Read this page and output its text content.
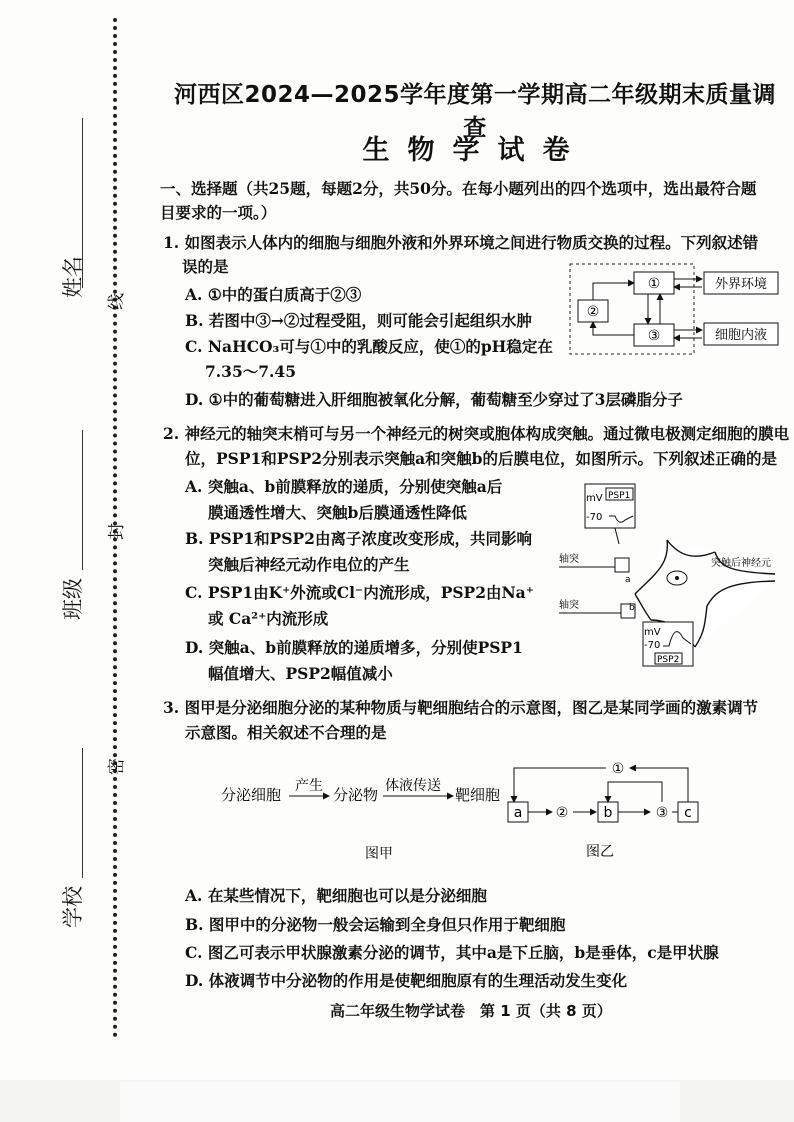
姓名
线
班级
封
密
学校
河西区2024—2025学年度第一学期高二年级期末质量调查
生物学试卷
一、选择题（共25题，每题2分，共50分。在每小题列出的四个选项中，选出最符合题
目要求的一项。）
1. 如图表示人体内的细胞与细胞外液和外界环境之间进行物质交换的过程。下列叙述错
误的是
A. ①中的蛋白质高于②③
B. 若图中③→②过程受阻，则可能会引起组织水肿
C. NaHCO₃可与①中的乳酸反应，使①的pH稳定在
7.35～7.45
D. ①中的葡萄糖进入肝细胞被氧化分解，葡萄糖至少穿过了3层磷脂分子
①
②
③
外界环境
细胞内液
2. 神经元的轴突末梢可与另一个神经元的树突或胞体构成突触。通过微电极测定细胞的膜电
位，PSP1和PSP2分别表示突触a和突触b的后膜电位，如图所示。下列叙述正确的是
A. 突触a、b前膜释放的递质，分别使突触a后
膜通透性增大、突触b后膜通透性降低
B. PSP1和PSP2由离子浓度改变形成，共同影响
突触后神经元动作电位的产生
C. PSP1由K⁺外流或Cl⁻内流形成，PSP2由Na⁺
或 Ca²⁺内流形成
D. 突触a、b前膜释放的递质增多，分别使PSP1
幅值增大、PSP2幅值减小
mV
-70
PSP1
轴突
a
轴突	b
突触后神经元
mV
-70
PSP2
3. 图甲是分泌细胞分泌的某种物质与靶细胞结合的示意图，图乙是某同学画的激素调节
示意图。相关叙述不合理的是
分泌细胞 产生 分泌物 体液传送 靶细胞
图甲
a ②	b	③ c
①
图乙
A. 在某些情况下，靶细胞也可以是分泌细胞
B. 图甲中的分泌物一般会运输到全身但只作用于靶细胞
C. 图乙可表示甲状腺激素分泌的调节，其中a是下丘脑，b是垂体，c是甲状腺
D. 体液调节中分泌物的作用是使靶细胞原有的生理活动发生变化
高二年级生物学试卷　第 1 页（共 8 页）
